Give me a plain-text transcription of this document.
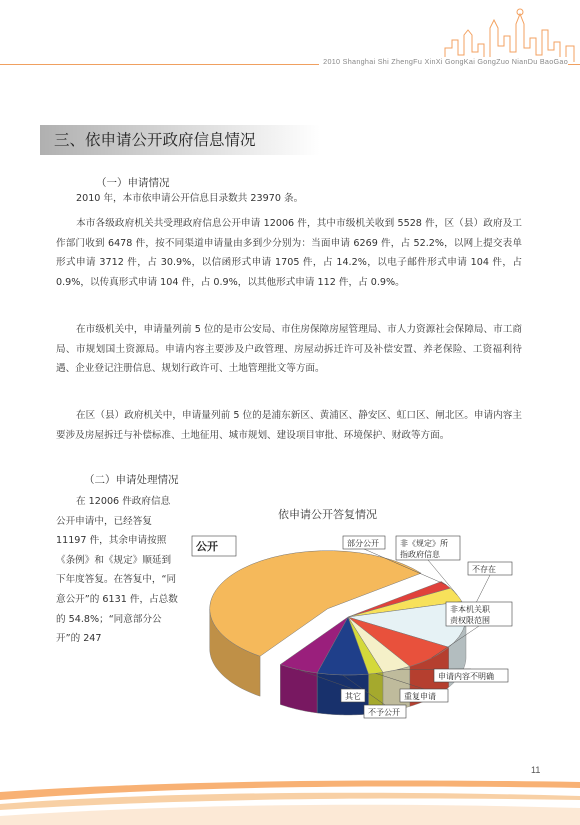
2010 Shanghai Shi ZhengFu XinXi GongKai GongZuo NianDu BaoGao
三、依申请公开政府信息情况
（一）申请情况
2010 年，本市依申请公开信息目录数共 23970 条。
本市各级政府机关共受理政府信息公开申请 12006 件，其中市级机关收到 5528 件，区（县）政府及工作部门收到 6478 件，按不同渠道申请量由多到少分别为：当面申请 6269 件，占 52.2%，以网上提交表单形式申请 3712 件，占 30.9%，以信函形式申请 1705 件，占 14.2%，以电子邮件形式申请 104 件，占 0.9%，以传真形式申请 104 件，占 0.9%，以其他形式申请 112 件，占 0.9%。
在市级机关中，申请量列前 5 位的是市公安局、市住房保障房屋管理局、市人力资源社会保障局、市工商局、市规划国土资源局。申请内容主要涉及户政管理、房屋动拆迁许可及补偿安置、养老保险、工资福利待遇、企业登记注册信息、规划行政许可、土地管理批文等方面。
在区（县）政府机关中，申请量列前 5 位的是浦东新区、黄浦区、静安区、虹口区、闸北区。申请内容主要涉及房屋拆迁与补偿标准、土地征用、城市规划、建设项目审批、环境保护、财政等方面。
（二）申请处理情况
在 12006 件政府信息公开申请中，已经答复 11197 件，其余申请按照《条例》和《规定》顺延到下年度答复。在答复中，“同意公开”的 6131 件，占总数的 54.8%；“同意部分公开”的 247
依申请公开答复情况
公开	部分公开	非《规定》所
指政府信息
不存在
非本机关职
责权限范围
申请内容不明确
重复申请
不予公开
其它
11
